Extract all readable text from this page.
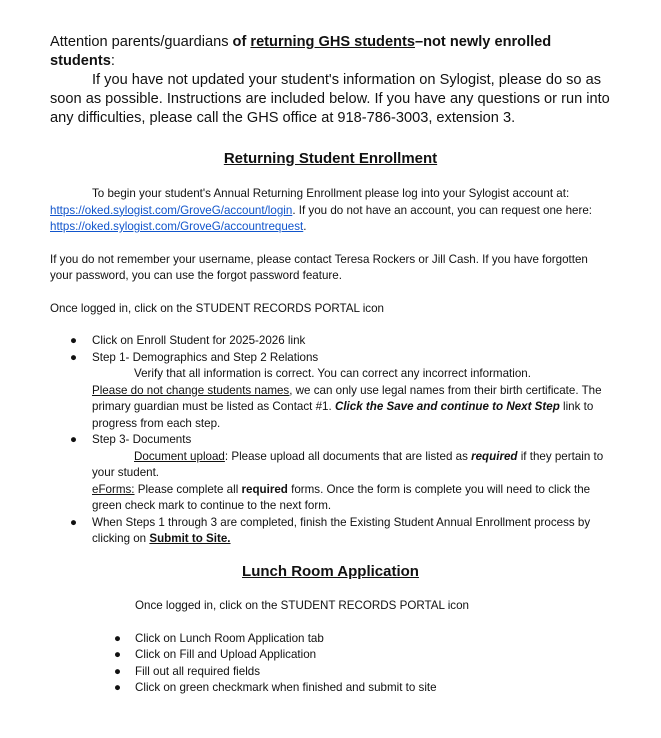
Attention parents/guardians of returning GHS students–not newly enrolled students:

If you have not updated your student's information on Sylogist, please do so as soon as possible. Instructions are included below. If you have any questions or run into any difficulties, please call the GHS office at 918-786-3003, extension 3.

Returning Student Enrollment

To begin your student's Annual Returning Enrollment please log into your Sylogist account at: https://oked.sylogist.com/GroveG/account/login. If you do not have an account, you can request one here: https://oked.sylogist.com/GroveG/accountrequest.

If you do not remember your username, please contact Teresa Rockers or Jill Cash. If you have forgotten your password, you can use the forgot password feature.

Once logged in, click on the STUDENT RECORDS PORTAL icon

● Click on Enroll Student for 2025-2026 link
● Step 1- Demographics and Step 2 Relations
Verify that all information is correct. You can correct any incorrect information.
Please do not change students names, we can only use legal names from their birth certificate. The primary guardian must be listed as Contact #1. Click the Save and continue to Next Step link to progress from each step.
● Step 3- Documents
Document upload: Please upload all documents that are listed as required if they pertain to your student.
eForms: Please complete all required forms. Once the form is complete you will need to click the green check mark to continue to the next form.
● When Steps 1 through 3 are completed, finish the Existing Student Annual Enrollment process by clicking on Submit to Site.
Lunch Room Application

Once logged in, click on the STUDENT RECORDS PORTAL icon

● Click on Lunch Room Application tab
● Click on Fill and Upload Application
● Fill out all required fields
● Click on green checkmark when finished and submit to site
